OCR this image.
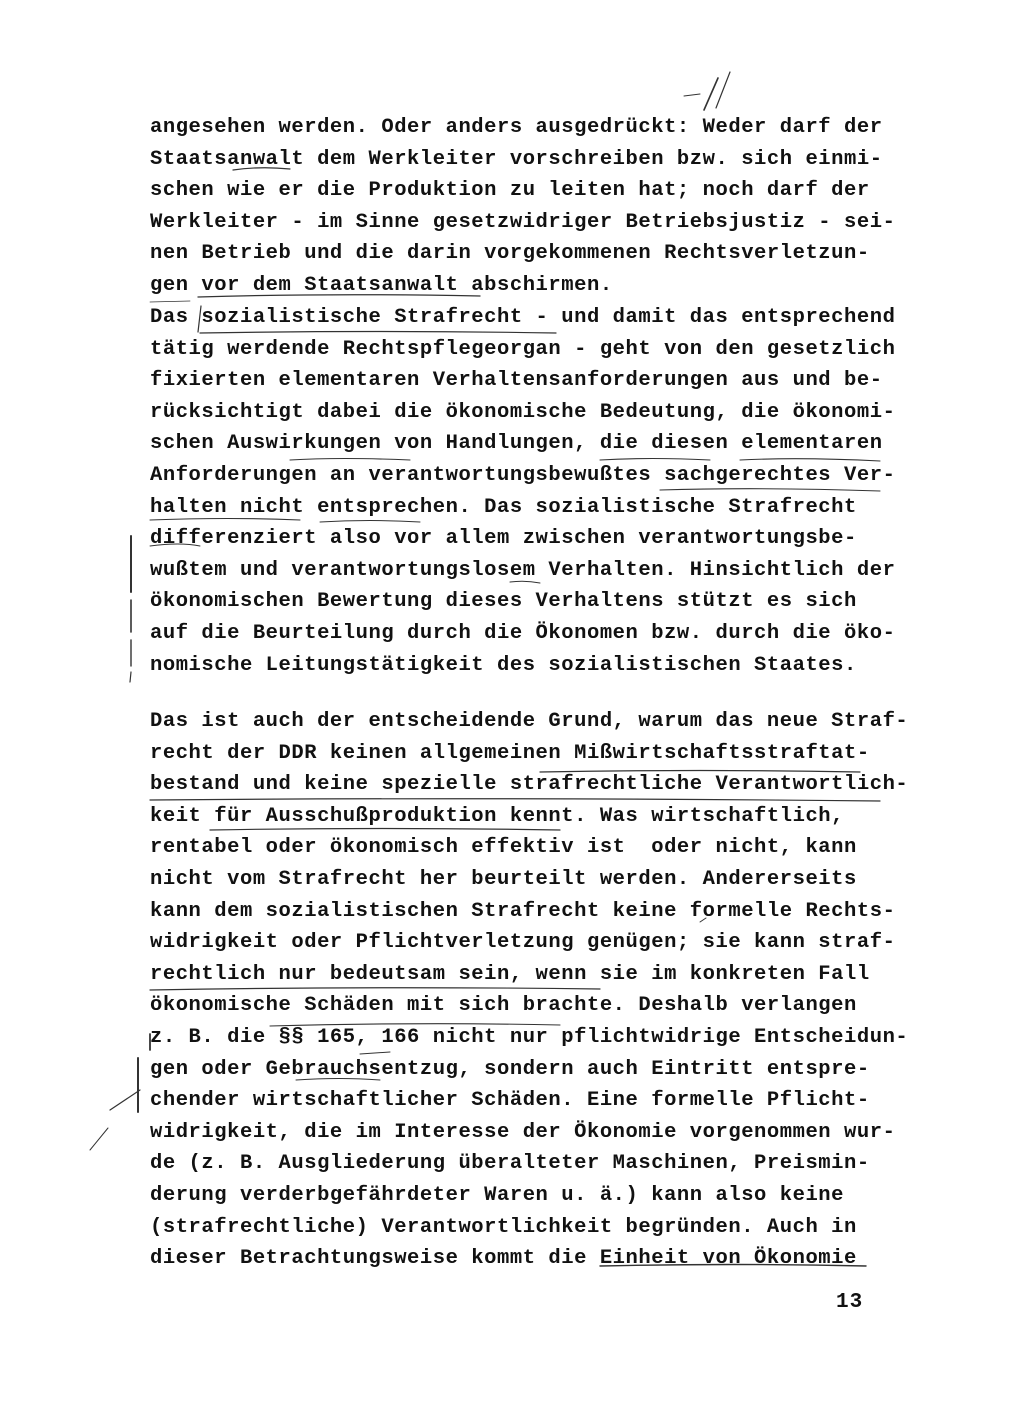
angesehen werden. Oder anders ausgedrückt: Weder darf der
Staatsanwalt dem Werkleiter vorschreiben bzw. sich einmi-
schen wie er die Produktion zu leiten hat; noch darf der
Werkleiter - im Sinne gesetzwidriger Betriebsjustiz - sei-
nen Betrieb und die darin vorgekommenen Rechtsverletzun-
gen vor dem Staatsanwalt abschirmen.
Das sozialistische Strafrecht - und damit das entsprechend
tätig werdende Rechtspflegeorgan - geht von den gesetzlich
fixierten elementaren Verhaltensanforderungen aus und be-
rücksichtigt dabei die ökonomische Bedeutung, die ökonomi-
schen Auswirkungen von Handlungen, die diesen elementaren
Anforderungen an verantwortungsbewußtes sachgerechtes Ver-
halten nicht entsprechen. Das sozialistische Strafrecht
differenziert also vor allem zwischen verantwortungsbe-
wußtem und verantwortungslosem Verhalten. Hinsichtlich der
ökonomischen Bewertung dieses Verhaltens stützt es sich
auf die Beurteilung durch die Ökonomen bzw. durch die öko-
nomische Leitungstätigkeit des sozialistischen Staates.
Das ist auch der entscheidende Grund, warum das neue Straf-
recht der DDR keinen allgemeinen Mißwirtschaftsstraftat-
bestand und keine spezielle strafrechtliche Verantwortlich-
keit für Ausschußproduktion kennt. Was wirtschaftlich,
rentabel oder ökonomisch effektiv ist  oder nicht, kann
nicht vom Strafrecht her beurteilt werden. Andererseits
kann dem sozialistischen Strafrecht keine formelle Rechts-
widrigkeit oder Pflichtverletzung genügen; sie kann straf-
rechtlich nur bedeutsam sein, wenn sie im konkreten Fall
ökonomische Schäden mit sich brachte. Deshalb verlangen
z. B. die §§ 165, 166 nicht nur pflichtwidrige Entscheidun-
gen oder Gebrauchsentzug, sondern auch Eintritt entspre-
chender wirtschaftlicher Schäden. Eine formelle Pflicht-
widrigkeit, die im Interesse der Ökonomie vorgenommen wur-
de (z. B. Ausgliederung überalteter Maschinen, Preismin-
derung verderbgefährdeter Waren u. ä.) kann also keine
(strafrechtliche) Verantwortlichkeit begründen. Auch in
dieser Betrachtungsweise kommt die Einheit von Ökonomie
13
